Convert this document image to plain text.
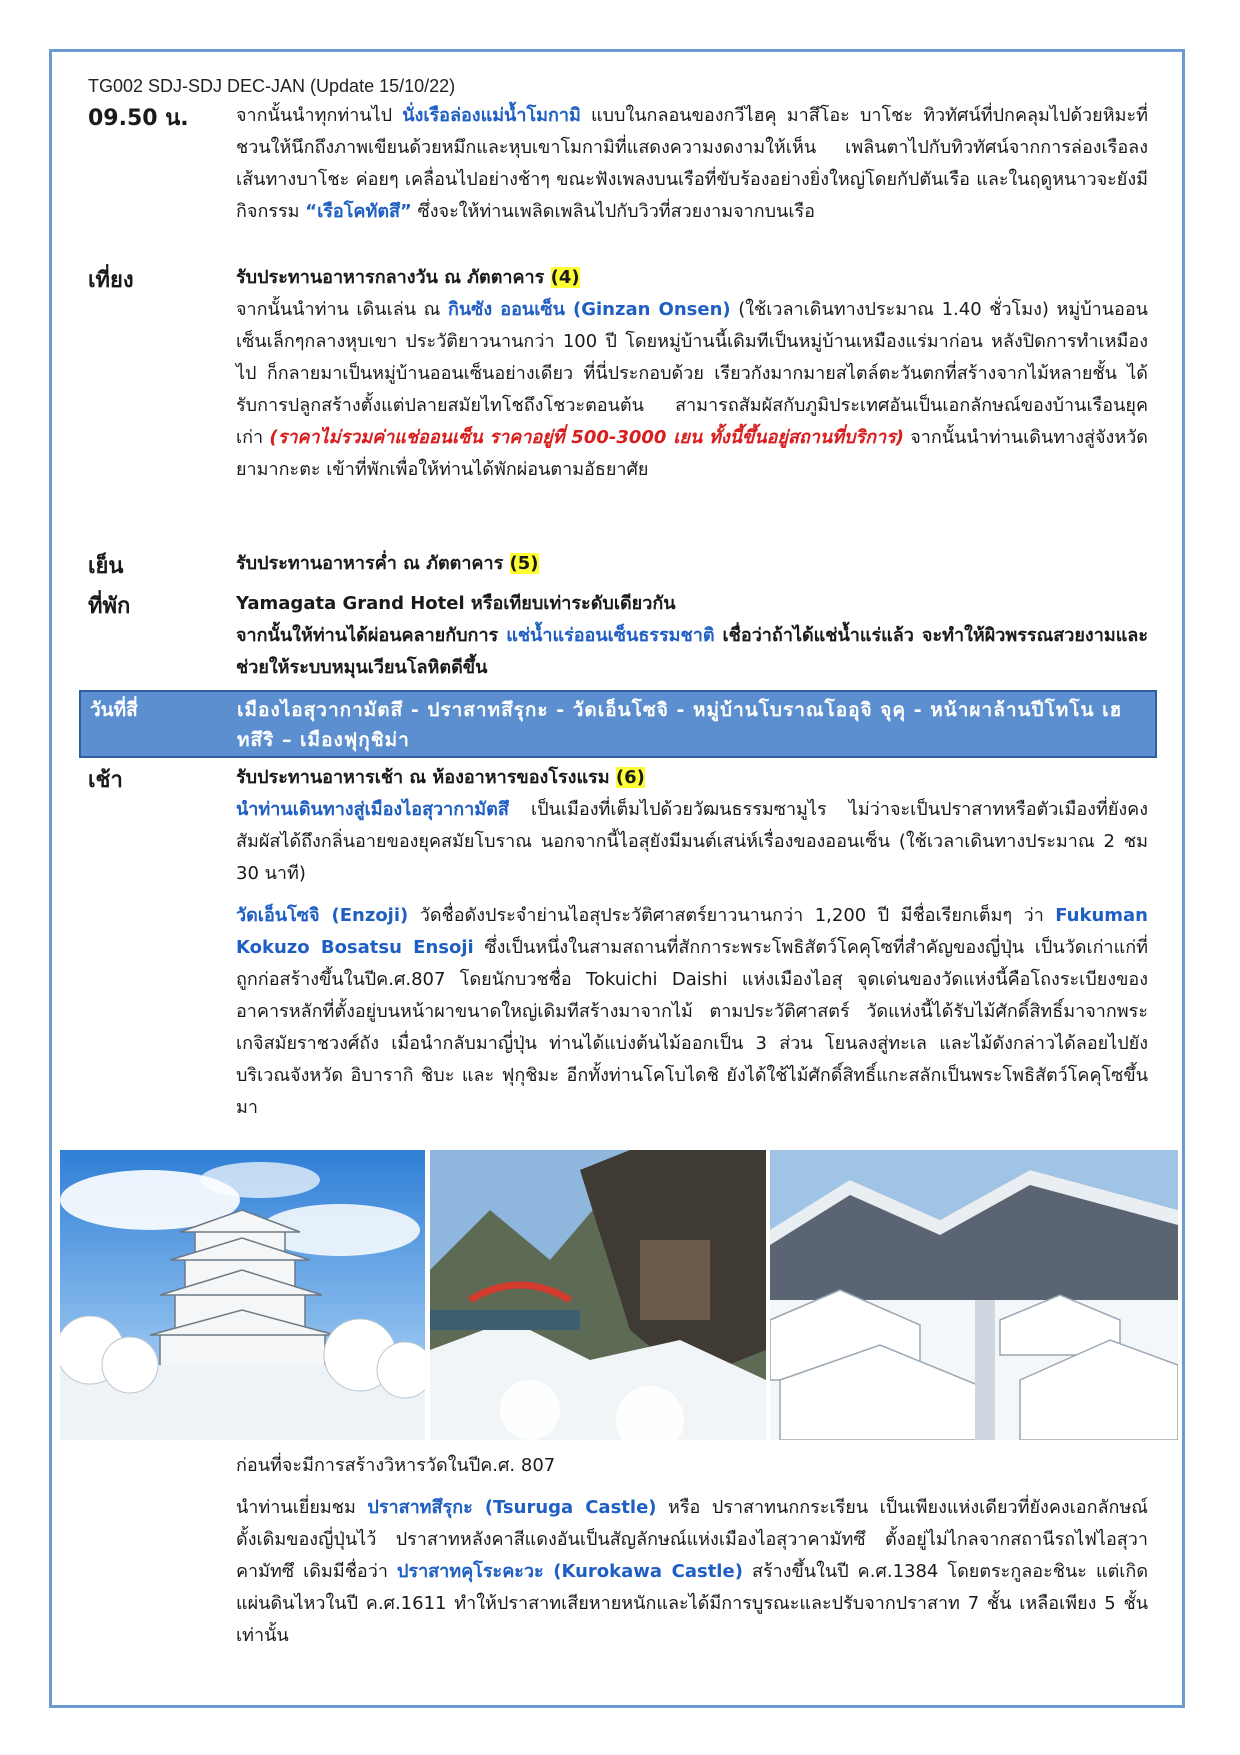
TG002 SDJ-SDJ DEC-JAN (Update 15/10/22)
09.50 น.	จากนั้นนำทุกท่านไป นั่งเรือล่องแม่น้ำโมกามิ แบบในกลอนของกวีไฮคุ มาสึโอะ บาโชะ ทิวทัศน์ที่ปกคลุมไปด้วยหิมะที่ชวนให้นึกถึงภาพเขียนด้วยหมึกและหุบเขาโมกามิที่แสดงความงดงามให้เห็น เพลินตาไปกับทิวทัศน์จากการล่องเรือลงเส้นทางบาโชะ ค่อยๆ เคลื่อนไปอย่างช้าๆ ขณะฟังเพลงบนเรือที่ขับร้องอย่างยิ่งใหญ่โดยกัปตันเรือ และในฤดูหนาวจะยังมีกิจกรรม “เรือโคทัตสึ” ซึ่งจะให้ท่านเพลิดเพลินไปกับวิวที่สวยงามจากบนเรือ
เที่ยง	รับประทานอาหารกลางวัน ณ ภัตตาคาร (4)
จากนั้นนำท่าน เดินเล่น ณ กินซัง ออนเซ็น (Ginzan Onsen) (ใช้เวลาเดินทางประมาณ 1.40 ชั่วโมง) หมู่บ้านออนเซ็นเล็กๆกลางหุบเขา ประวัติยาวนานกว่า 100 ปี โดยหมู่บ้านนี้เดิมทีเป็นหมู่บ้านเหมืองแร่มาก่อน หลังปิดการทำเหมืองไป ก็กลายมาเป็นหมู่บ้านออนเซ็นอย่างเดียว ที่นี่ประกอบด้วย เรียวกังมากมายสไตล์ตะวันตกที่สร้างจากไม้หลายชั้น ได้รับการปลูกสร้างตั้งแต่ปลายสมัยไทโชถึงโชวะตอนต้น สามารถสัมผัสกับภูมิประเทศอันเป็นเอกลักษณ์ของบ้านเรือนยุคเก่า (ราคาไม่รวมค่าแช่ออนเซ็น ราคาอยู่ที่ 500-3000 เยน ทั้งนี้ขึ้นอยู่สถานที่บริการ) จากนั้นนำท่านเดินทางสู่จังหวัดยามากะตะ เข้าที่พักเพื่อให้ท่านได้พักผ่อนตามอัธยาศัย
เย็น	รับประทานอาหารค่ำ ณ ภัตตาคาร (5)
ที่พัก	Yamagata Grand Hotel หรือเทียบเท่าระดับเดียวกัน
จากนั้นให้ท่านได้ผ่อนคลายกับการ แช่น้ำแร่ออนเซ็นธรรมชาติ เชื่อว่าถ้าได้แช่น้ำแร่แล้ว จะทำให้ผิวพรรณสวยงามและช่วยให้ระบบหมุนเวียนโลหิตดีขึ้น
วันที่สี่	เมืองไอสุวากามัตสึ - ปราสาทสึรุกะ - วัดเอ็นโซจิ - หมู่บ้านโบราณโออุจิ จุคุ - หน้าผาล้านปีโทโน เฮทสึริ – เมืองฟุกุชิม่า
เช้า	รับประทานอาหารเช้า ณ ห้องอาหารของโรงแรม (6)

นำท่านเดินทางสู่เมืองไอสุวากามัตสึ เป็นเมืองที่เต็มไปด้วยวัฒนธรรมซามูไร ไม่ว่าจะเป็นปราสาทหรือตัวเมืองที่ยังคงสัมผัสได้ถึงกลิ่นอายของยุคสมัยโบราณ นอกจากนี้ไอสุยังมีมนต์เสน่ห์เรื่องของออนเซ็น (ใช้เวลาเดินทางประมาณ 2 ชม 30 นาที)

วัดเอ็นโซจิ (Enzoji) วัดชื่อดังประจำย่านไอสุประวัติศาสตร์ยาวนานกว่า 1,200 ปี มีชื่อเรียกเต็มๆ ว่า Fukuman Kokuzo Bosatsu Ensoji ซึ่งเป็นหนึ่งในสามสถานที่สักการะพระโพธิสัตว์โคคุโซที่สำคัญของญี่ปุ่น เป็นวัดเก่าแก่ที่ ถูกก่อสร้างขึ้นในปีค.ศ.807 โดยนักบวชชื่อ Tokuichi Daishi แห่งเมืองไอสุ จุดเด่นของวัดแห่งนี้คือโถงระเบียงของอาคารหลักที่ตั้งอยู่บนหน้าผาขนาดใหญ่เดิมทีสร้างมาจากไม้ ตามประวัติศาสตร์ วัดแห่งนี้ได้รับไม้ศักดิ์สิทธิ์มาจากพระเกจิสมัยราชวงศ์ถัง เมื่อนำกลับมาญี่ปุ่น ท่านได้แบ่งต้นไม้ออกเป็น 3 ส่วน โยนลงสู่ทะเล และไม้ดังกล่าวได้ลอยไปยังบริเวณจังหวัด อิบารากิ ชิบะ และ ฟุกุชิมะ อีกทั้งท่านโคโบไดชิ ยังได้ใช้ไม้ศักดิ์สิทธิ์แกะสลักเป็นพระโพธิสัตว์โคคุโซขึ้นมา

ก่อนที่จะมีการสร้างวิหารวัดในปีค.ศ. 807

นำท่านเยี่ยมชม ปราสาทสึรุกะ (Tsuruga Castle) หรือ ปราสาทนกกระเรียน เป็นเพียงแห่งเดียวที่ยังคงเอกลักษณ์ดั้งเดิมของญี่ปุ่นไว้ ปราสาทหลังคาสีแดงอันเป็นสัญลักษณ์แห่งเมืองไอสุวาคามัทซึ ตั้งอยู่ไม่ไกลจากสถานีรถไฟไอสุวาคามัทซึ เดิมมีชื่อว่า ปราสาทคุโระคะวะ (Kurokawa Castle) สร้างขึ้นในปี ค.ศ.1384 โดยตระกูลอะชินะ แต่เกิดแผ่นดินไหวในปี ค.ศ.1611 ทำให้ปราสาทเสียหายหนักและได้มีการบูรณะและปรับจากปราสาท 7 ชั้น เหลือเพียง 5 ชั้นเท่านั้น
